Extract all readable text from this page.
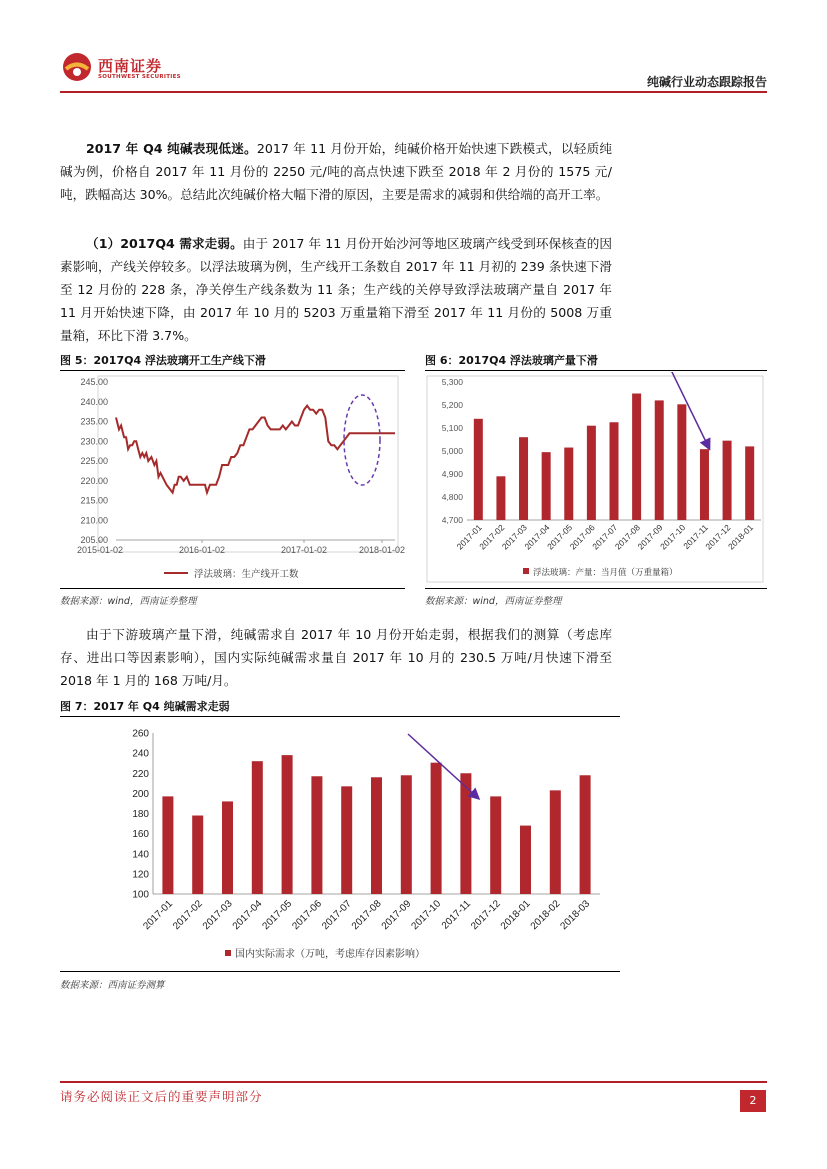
西南证券
SOUTHWEST SECURITIES	纯碱行业动态跟踪报告
2017 年 Q4 纯碱表现低迷。2017 年 11 月份开始，纯碱价格开始快速下跌模式，以轻质纯碱为例，价格自 2017 年 11 月份的 2250 元/吨的高点快速下跌至 2018 年 2 月份的 1575 元/吨，跌幅高达 30%。总结此次纯碱价格大幅下滑的原因，主要是需求的减弱和供给端的高开工率。
（1）2017Q4 需求走弱。由于 2017 年 11 月份开始沙河等地区玻璃产线受到环保核查的因素影响，产线关停较多。以浮法玻璃为例，生产线开工条数自 2017 年 11 月初的 239 条快速下滑至 12 月份的 228 条，净关停生产线条数为 11 条；生产线的关停导致浮法玻璃产量自 2017 年 11 月开始快速下降，由 2017 年 10 月的 5203 万重量箱下滑至 2017 年 11 月份的 5008 万重量箱，环比下滑 3.7%。
图 5：2017Q4 浮法玻璃开工生产线下滑
205.00
210.00
215.00
220.00
225.00
230.00
235.00
240.00
245.00
2015-01-02	2016-01-02	2017-01-02	2018-01-02
浮法玻璃：生产线开工数
数据来源：wind，西南证券整理
图 6：2017Q4 浮法玻璃产量下滑
4,700
4,800
4,900
5,000
5,100
5,200
5,300
2017-01
2017-02
2017-03
2017-04
2017-05
2017-06
2017-07
2017-08
2017-09
2017-10
2017-11
2017-12
2018-01
浮法玻璃：产量：当月值（万重量箱）
数据来源：wind，西南证券整理
由于下游玻璃产量下滑，纯碱需求自 2017 年 10 月份开始走弱，根据我们的测算（考虑库存、进出口等因素影响），国内实际纯碱需求量自 2017 年 10 月的 230.5 万吨/月快速下滑至 2018 年 1 月的 168 万吨/月。
图 7：2017 年 Q4 纯碱需求走弱
100
120
140
160
180
200
220
240
260
2017-01
2017-02
2017-03
2017-04
2017-05
2017-06
2017-07
2017-08
2017-09
2017-10
2017-11
2017-12
2018-01
2018-02
2018-03
国内实际需求（万吨，考虑库存因素影响）
数据来源：西南证券测算
请务必阅读正文后的重要声明部分	2
